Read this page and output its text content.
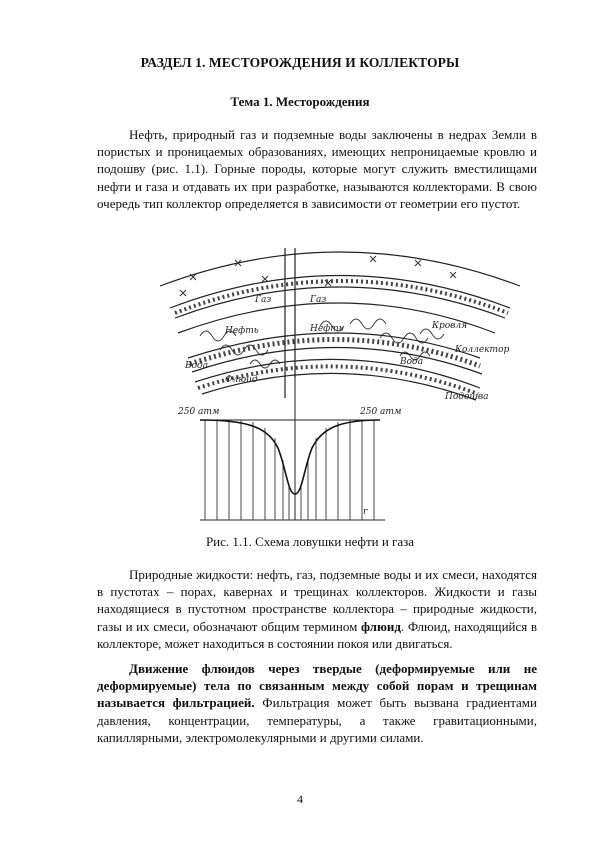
РАЗДЕЛ 1. МЕСТОРОЖДЕНИЯ И КОЛЛЕКТОРЫ
Тема 1. Месторождения
Нефть, природный газ и подземные воды заключены в недрах Земли в пористых и проницаемых образованиях, имеющих непроницаемые кровлю и подошву (рис. 1.1). Горные породы, которые могут служить вместилищами нефти и газа и отдавать их при разработке, называются коллекторами. В свою очередь тип коллектор определяется в зависимости от геометрии его пустот.
Газ	Газ
Нефть	Нефть
Вода	Вода
Флюид
Кровля
Коллектор
Подошва
250 атм	250 атм
r
Рис. 1.1. Схема ловушки нефти и газа
Природные жидкости: нефть, газ, подземные воды и их смеси, находятся в пустотах – порах, кавернах и трещинах коллекторов. Жидкости и газы находящиеся в пустотном пространстве коллектора – природные жидкости, газы и их смеси, обозначают общим термином флюид. Флюид, находящийся в коллекторе, может находиться в состоянии покоя или двигаться.
Движение флюидов через твердые (деформируемые или не деформируемые) тела по связанным между собой порам и трещинам называется фильтрацией. Фильтрация может быть вызвана градиентами давления, концентрации, температуры, а также гравитационными, капиллярными, электромолекулярными и другими силами.
4
